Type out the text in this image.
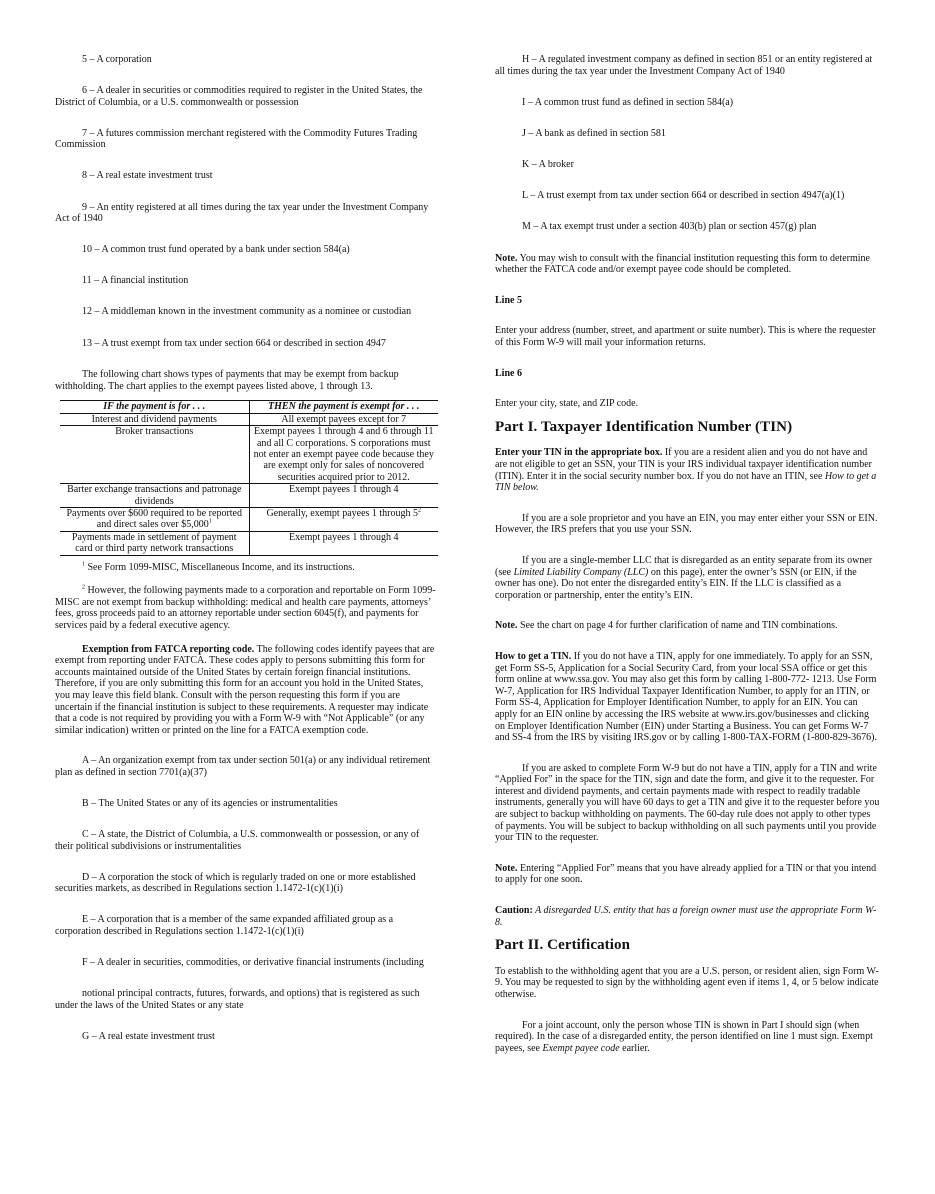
5 – A corporation

6 – A dealer in securities or commodities required to register in the United States, the District of Columbia, or a U.S. commonwealth or possession

7 – A futures commission merchant registered with the Commodity Futures Trading Commission

8 – A real estate investment trust

9 – An entity registered at all times during the tax year under the Investment Company Act of 1940

10 – A common trust fund operated by a bank under section 584(a)

11 – A financial institution

12 – A middleman known in the investment community as a nominee or custodian

13 – A trust exempt from tax under section 664 or described in section 4947

The following chart shows types of payments that may be exempt from backup withholding. The chart applies to the exempt payees listed above, 1 through 13.

IF the payment is for . . .	THEN the payment is exempt for . . .
Interest and dividend payments	All exempt payees except for 7
Broker transactions	Exempt payees 1 through 4 and 6 through 11 and all C corporations. S corporations must not enter an exempt payee code because they are exempt only for sales of noncovered securities acquired prior to 2012.
Barter exchange transactions and patronage dividends	Exempt payees 1 through 4
Payments over $600 required to be reported and direct sales over $5,000$^1$	Generally, exempt payees 1 through $5^2$
Payments made in settlement of payment card or third party network transactions	Exempt payees 1 through 4

$^1$ See Form 1099-MISC, Miscellaneous Income, and its instructions.

$^2$ However, the following payments made to a corporation and reportable on Form 1099-MISC are not exempt from backup withholding: medical and health care payments, attorneys’ fees, gross proceeds paid to an attorney reportable under section 6045(f), and payments for services paid by a federal executive agency.

Exemption from FATCA reporting code. The following codes identify payees that are exempt from reporting under FATCA. These codes apply to persons submitting this form for accounts maintained outside of the United States by certain foreign financial institutions. Therefore, if you are only submitting this form for an account you hold in the United States, you may leave this field blank. Consult with the person requesting this form if you are uncertain if the financial institution is subject to these requirements. A requester may indicate that a code is not required by providing you with a Form W-9 with “Not Applicable” (or any similar indication) written or printed on the line for a FATCA exemption code.

A – An organization exempt from tax under section 501(a) or any individual retirement plan as defined in section 7701(a)(37)

B – The United States or any of its agencies or instrumentalities

C – A state, the District of Columbia, a U.S. commonwealth or possession, or any of their political subdivisions or instrumentalities

D – A corporation the stock of which is regularly traded on one or more established securities markets, as described in Regulations section 1.1472-1(c)(1)(i)

E – A corporation that is a member of the same expanded affiliated group as a corporation described in Regulations section 1.1472-1(c)(1)(i)

F – A dealer in securities, commodities, or derivative financial instruments (including

notional principal contracts, futures, forwards, and options) that is registered as such under the laws of the United States or any state

G – A real estate investment trust

H – A regulated investment company as defined in section 851 or an entity registered at all times during the tax year under the Investment Company Act of 1940

I – A common trust fund as defined in section 584(a)

J – A bank as defined in section 581

K – A broker

L – A trust exempt from tax under section 664 or described in section 4947(a)(1)

M – A tax exempt trust under a section 403(b) plan or section 457(g) plan

Note. You may wish to consult with the financial institution requesting this form to determine whether the FATCA code and/or exempt payee code should be completed.

Line 5

Enter your address (number, street, and apartment or suite number). This is where the requester of this Form W-9 will mail your information returns.

Line 6

Enter your city, state, and ZIP code.

Part I. Taxpayer Identification Number (TIN)

Enter your TIN in the appropriate box. If you are a resident alien and you do not have and are not eligible to get an SSN, your TIN is your IRS individual taxpayer identification number (ITIN). Enter it in the social security number box. If you do not have an ITIN, see How to get a TIN below.

If you are a sole proprietor and you have an EIN, you may enter either your SSN or EIN. However, the IRS prefers that you use your SSN.

If you are a single-member LLC that is disregarded as an entity separate from its owner (see Limited Liability Company (LLC) on this page), enter the owner’s SSN (or EIN, if the owner has one). Do not enter the disregarded entity’s EIN. If the LLC is classified as a corporation or partnership, enter the entity’s EIN.

Note. See the chart on page 4 for further clarification of name and TIN combinations.

How to get a TIN. If you do not have a TIN, apply for one immediately. To apply for an SSN, get Form SS-5, Application for a Social Security Card, from your local SSA office or get this form online at www.ssa.gov. You may also get this form by calling 1-800-772- 1213. Use Form W-7, Application for IRS Individual Taxpayer Identification Number, to apply for an ITIN, or Form SS-4, Application for Employer Identification Number, to apply for an EIN. You can apply for an EIN online by accessing the IRS website at www.irs.gov/businesses and clicking on Employer Identification Number (EIN) under Starting a Business. You can get Forms W-7 and SS-4 from the IRS by visiting IRS.gov or by calling 1-800-TAX-FORM (1-800-829-3676).

If you are asked to complete Form W-9 but do not have a TIN, apply for a TIN and write “Applied For” in the space for the TIN, sign and date the form, and give it to the requester. For interest and dividend payments, and certain payments made with respect to readily tradable instruments, generally you will have 60 days to get a TIN and give it to the requester before you are subject to backup withholding on payments. The 60-day rule does not apply to other types of payments. You will be subject to backup withholding on all such payments until you provide your TIN to the requester.

Note. Entering “Applied For” means that you have already applied for a TIN or that you intend to apply for one soon.

Caution: A disregarded U.S. entity that has a foreign owner must use the appropriate Form W-8.

Part II. Certification

To establish to the withholding agent that you are a U.S. person, or resident alien, sign Form W-9. You may be requested to sign by the withholding agent even if items 1, 4, or 5 below indicate otherwise.

For a joint account, only the person whose TIN is shown in Part I should sign (when required). In the case of a disregarded entity, the person identified on line 1 must sign. Exempt payees, see Exempt payee code earlier.
